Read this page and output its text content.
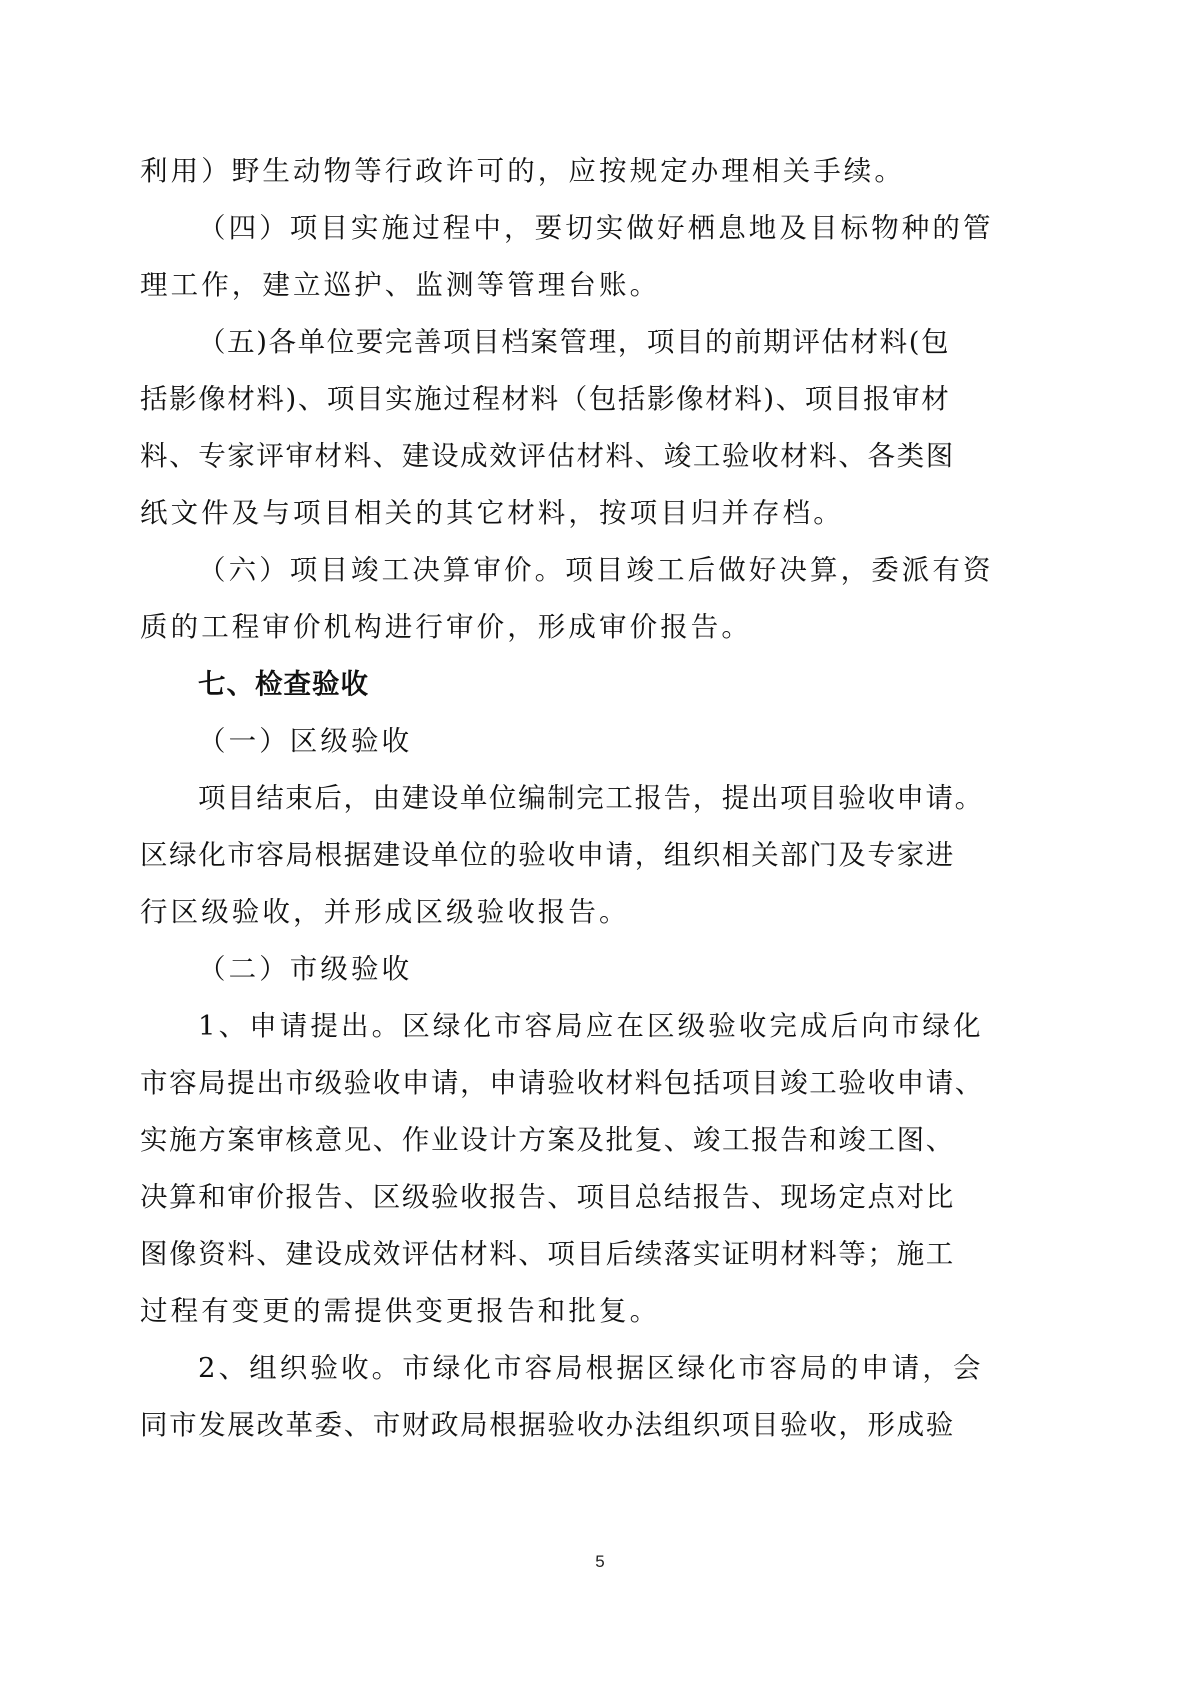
利用）野生动物等行政许可的，应按规定办理相关手续。
（四）项目实施过程中，要切实做好栖息地及目标物种的管
理工作，建立巡护、监测等管理台账。
（五)各单位要完善项目档案管理，项目的前期评估材料(包
括影像材料)、项目实施过程材料（包括影像材料)、项目报审材
料、专家评审材料、建设成效评估材料、竣工验收材料、各类图
纸文件及与项目相关的其它材料，按项目归并存档。
（六）项目竣工决算审价。项目竣工后做好决算，委派有资
质的工程审价机构进行审价，形成审价报告。
七、检查验收
（一）区级验收
项目结束后，由建设单位编制完工报告，提出项目验收申请。
区绿化市容局根据建设单位的验收申请，组织相关部门及专家进
行区级验收，并形成区级验收报告。
（二）市级验收
1、申请提出。区绿化市容局应在区级验收完成后向市绿化
市容局提出市级验收申请，申请验收材料包括项目竣工验收申请、
实施方案审核意见、作业设计方案及批复、竣工报告和竣工图、
决算和审价报告、区级验收报告、项目总结报告、现场定点对比
图像资料、建设成效评估材料、项目后续落实证明材料等；施工
过程有变更的需提供变更报告和批复。
2、组织验收。市绿化市容局根据区绿化市容局的申请，会
同市发展改革委、市财政局根据验收办法组织项目验收，形成验
5
